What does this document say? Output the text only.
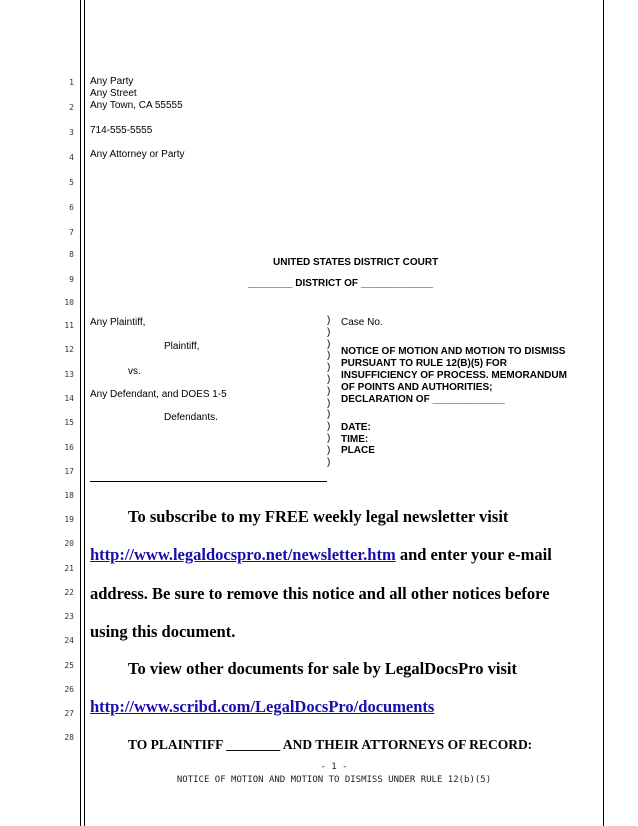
1
2
3
4
5
6
7
8
9
10
11
12
13
14
15
16
17
18
19
20
21
22
23
24
25
26
27
28
Any Party
Any Street
Any Town, CA 55555
714-555-5555
Any Attorney or Party
UNITED STATES DISTRICT COURT
________ DISTRICT OF _____________
Any Plaintiff,
Plaintiff,
vs.
Any Defendant, and DOES 1-5
Defendants.
)
)
)
)
)
)
)
)
)
)
)
)
)
Case No.
NOTICE OF MOTION AND MOTION TO DISMISS
PURSUANT TO RULE 12(B)(5) FOR
INSUFFICIENCY OF PROCESS. MEMORANDUM
OF POINTS AND AUTHORITIES;
DECLARATION OF _____________
DATE:
TIME:
PLACE
To subscribe to my FREE weekly legal newsletter visit
http://www.legaldocspro.net/newsletter.htm and enter your e-mail
address. Be sure to remove this notice and all other notices before
using this document.
To view other documents for sale by LegalDocsPro visit
http://www.scribd.com/LegalDocsPro/documents
TO PLAINTIFF ________ AND THEIR ATTORNEYS OF RECORD:
- 1 -
NOTICE OF MOTION AND MOTION TO DISMISS UNDER RULE 12(b)(5)
